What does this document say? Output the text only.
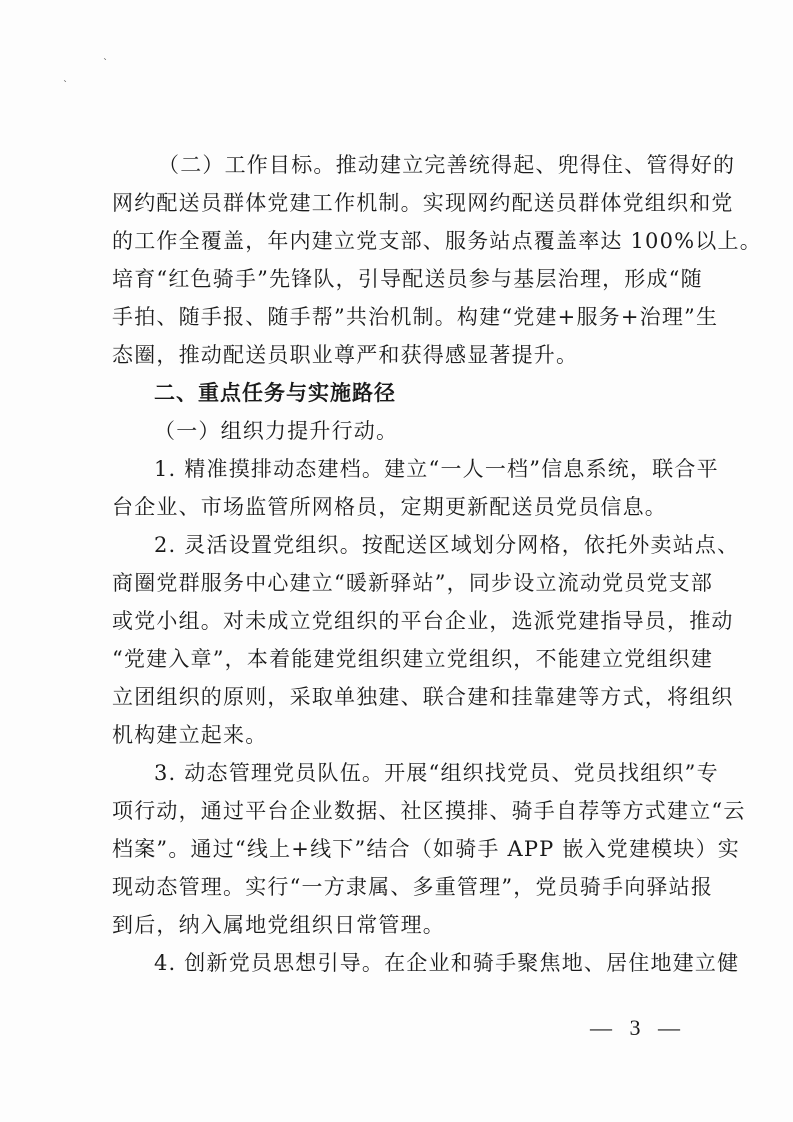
`
`
（二）工作目标。推动建立完善统得起、兜得住、管得好的
网约配送员群体党建工作机制。实现网约配送员群体党组织和党
的工作全覆盖，年内建立党支部、服务站点覆盖率达 100%以上。
培育“红色骑手”先锋队，引导配送员参与基层治理，形成“随
手拍、随手报、随手帮”共治机制。构建“党建+服务+治理”生
态圈，推动配送员职业尊严和获得感显著提升。
二、重点任务与实施路径
（一）组织力提升行动。
1. 精准摸排动态建档。建立“一人一档”信息系统，联合平
台企业、市场监管所网格员，定期更新配送员党员信息。
2. 灵活设置党组织。按配送区域划分网格，依托外卖站点、
商圈党群服务中心建立“暖新驿站”，同步设立流动党员党支部
或党小组。对未成立党组织的平台企业，选派党建指导员，推动
“党建入章”，本着能建党组织建立党组织，不能建立党组织建
立团组织的原则，采取单独建、联合建和挂靠建等方式，将组织
机构建立起来。
3. 动态管理党员队伍。开展“组织找党员、党员找组织”专
项行动，通过平台企业数据、社区摸排、骑手自荐等方式建立“云
档案”。通过“线上+线下”结合（如骑手 APP 嵌入党建模块）实
现动态管理。实行“一方隶属、多重管理”，党员骑手向驿站报
到后，纳入属地党组织日常管理。
4. 创新党员思想引导。在企业和骑手聚焦地、居住地建立健
— 3 —
